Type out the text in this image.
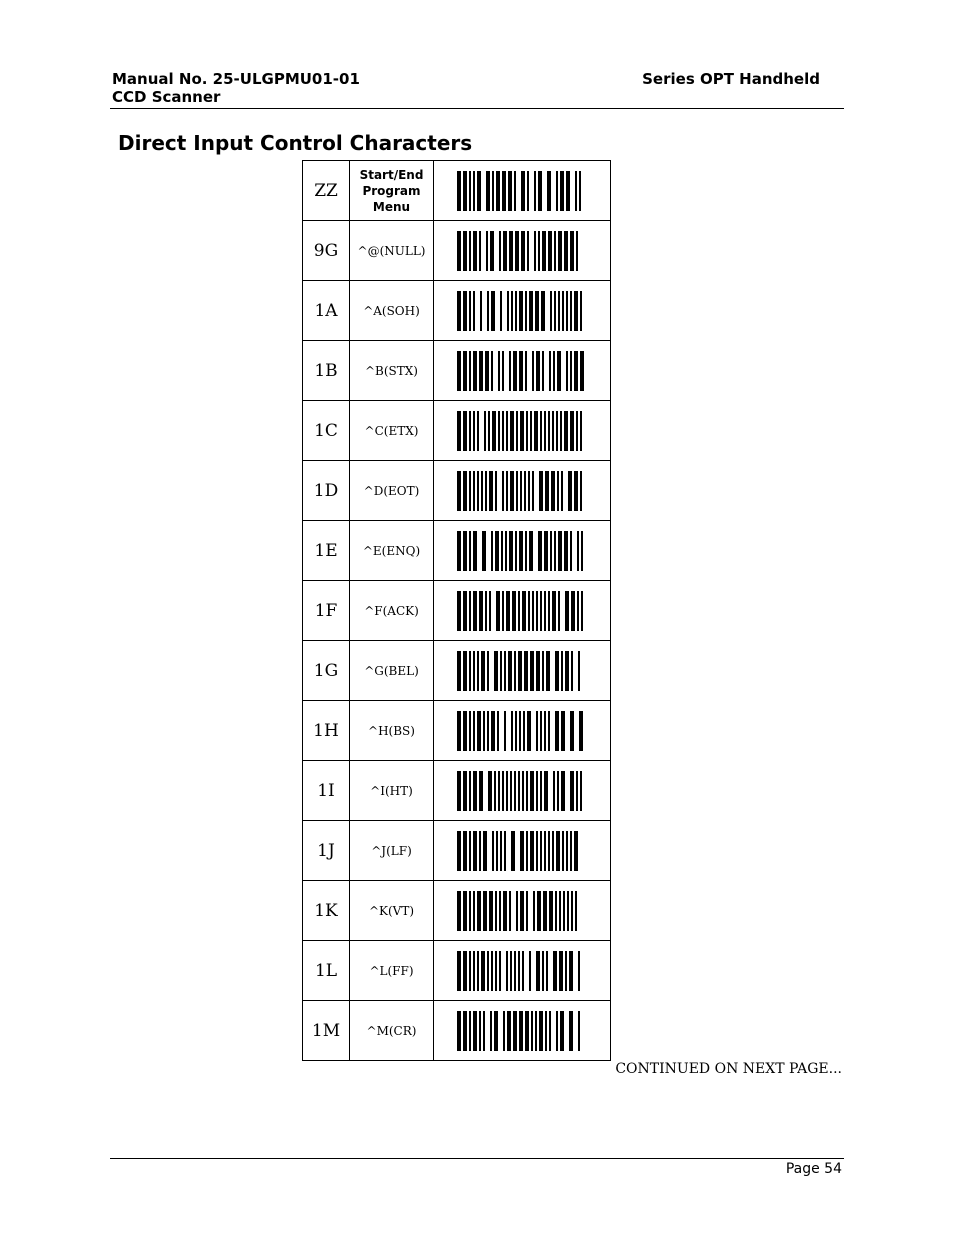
Manual No. 25-ULGPMU01-01
CCD Scanner
Series OPT Handheld
Direct Input Control Characters
ZZ	Start/End Program Menu	

9G	^@(NULL)	

1A	^A(SOH)	

1B	^B(STX)	

1C	^C(ETX)	

1D	^D(EOT)	

1E	^E(ENQ)	

1F	^F(ACK)	

1G	^G(BEL)	

1H	^H(BS)	

1I	^I(HT)	

1J	^J(LF)	

1K	^K(VT)	

1L	^L(FF)	

1M	^M(CR)	
CONTINUED ON NEXT PAGE...
Page 54
